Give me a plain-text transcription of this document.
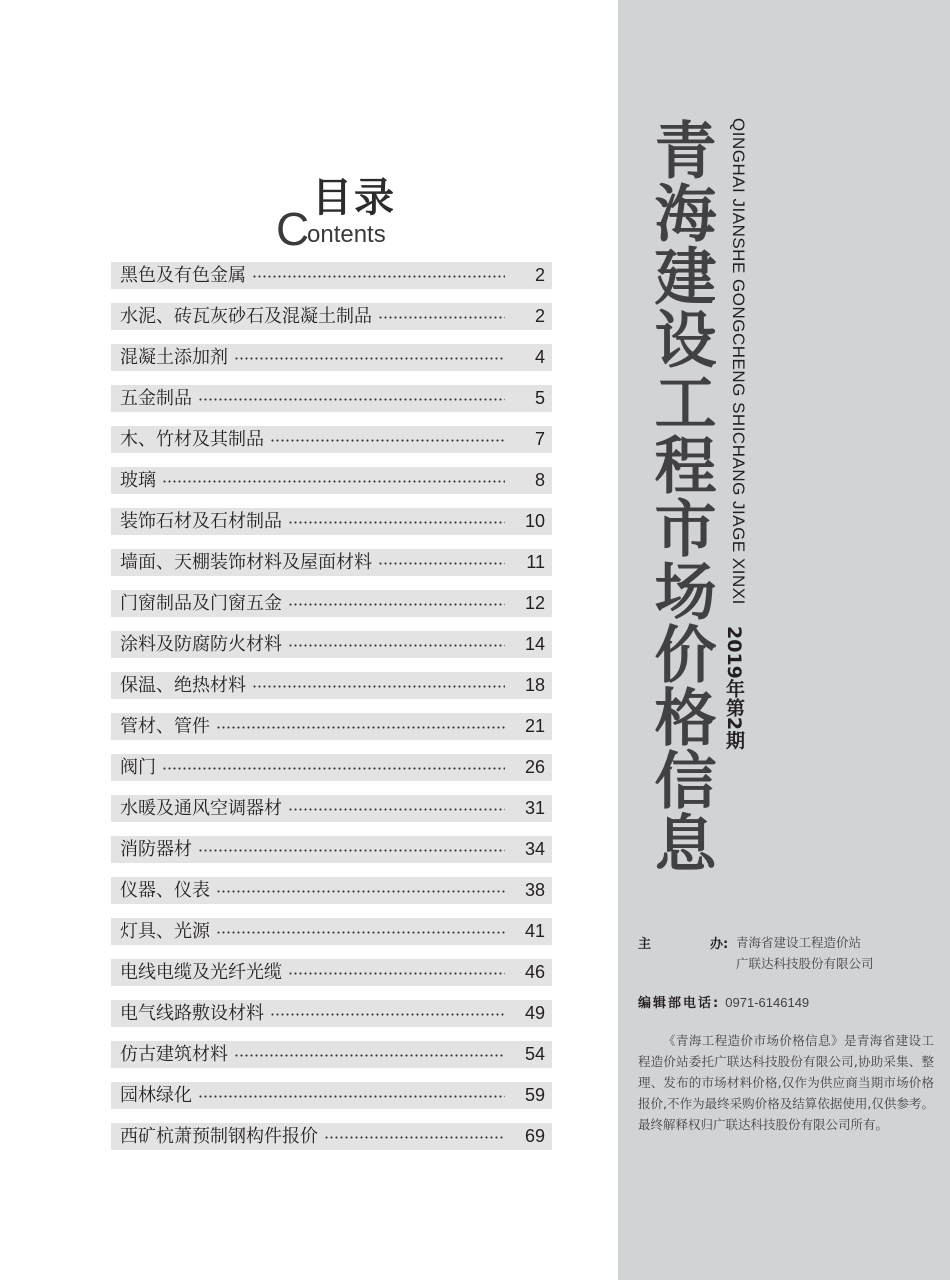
目录
C
ontents
黑色及有色金属	2
水泥、砖瓦灰砂石及混凝土制品	2
混凝土添加剂	4
五金制品	5
木、竹材及其制品	7
玻璃	8
装饰石材及石材制品	10
墙面、天棚装饰材料及屋面材料	11
门窗制品及门窗五金	12
涂料及防腐防火材料	14
保温、绝热材料	18
管材、管件	21
阀门	26
水暖及通风空调器材	31
消防器材	34
仪器、仪表	38
灯具、光源	41
电线电缆及光纤光缆	46
电气线路敷设材料	49
仿古建筑材料	54
园林绿化	59
西矿杭萧预制钢构件报价	69
青海建设工程市场价格信息 QINGHAI JIANSHE GONGCHENG SHICHANG JIAGE XINXI
2019年第2期
主	办: 青海省建设工程造价站
广联达科技股份有限公司
编辑部电话: 0971-6146149
《青海工程造价市场价格信息》是青海省建设工程造价站委托广联达科技股份有限公司,协助采集、整理、发布的市场材料价格,仅作为供应商当期市场价格报价,不作为最终采购价格及结算依据使用,仅供参考。最终解释权归广联达科技股份有限公司所有。
